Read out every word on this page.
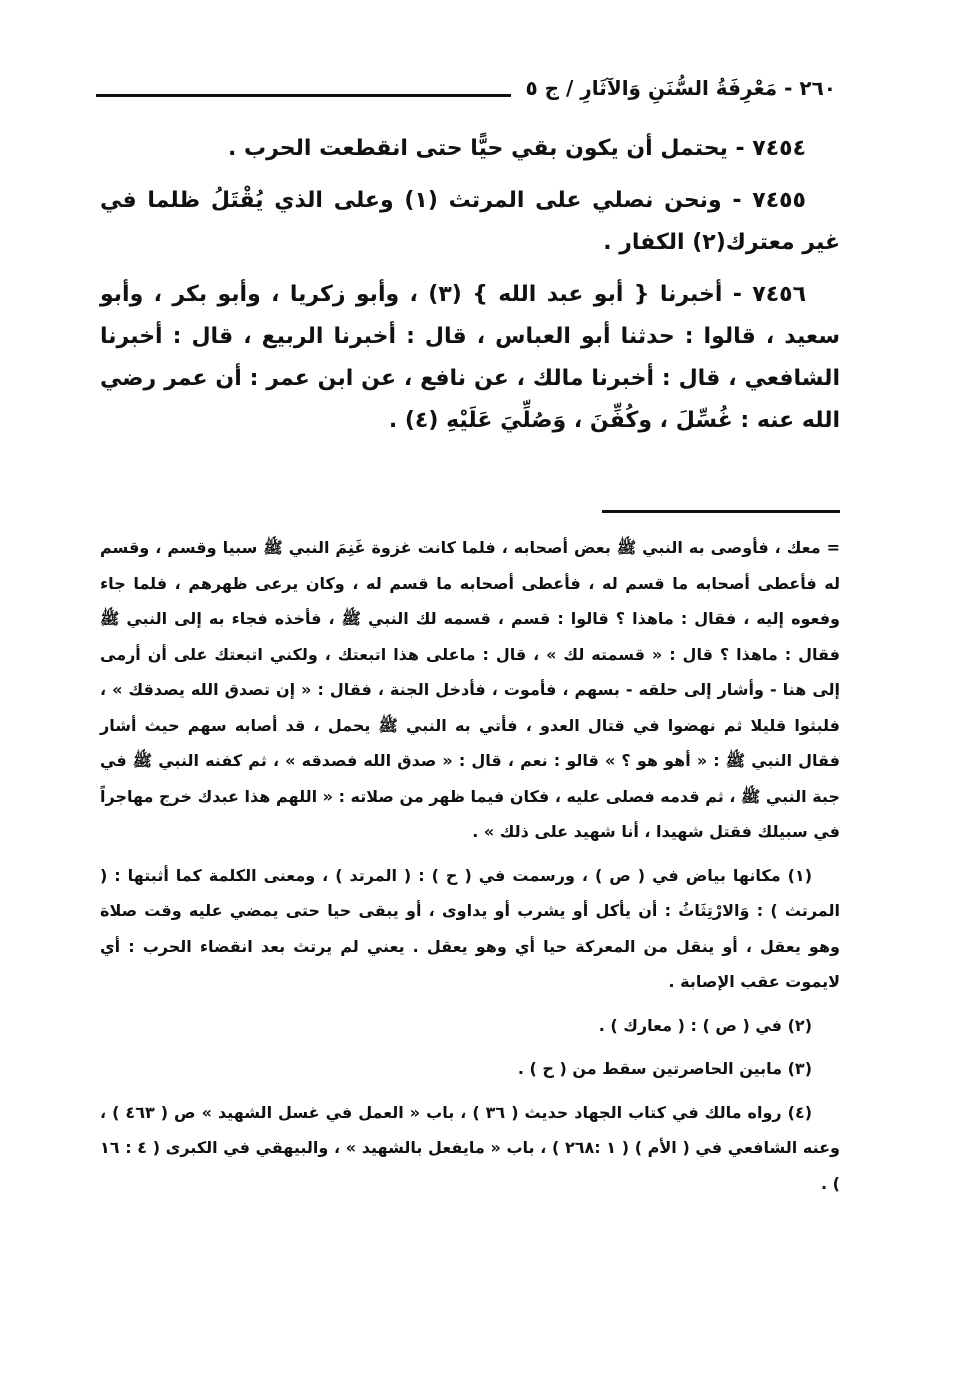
٢٦٠ - مَعْرِفَةُ السُّنَنِ وَالآثَارِ / ج ٥

٧٤٥٤ - يحتمل أن يكون بقي حيًّا حتى انقطعت الحرب .

٧٤٥٥ - ونحن نصلي على المرتث (١) وعلى الذي يُقْتَلُ ظلما في غير معترك(٢) الكفار .

٧٤٥٦ - أخبرنا { أبو عبد الله } (٣) ، وأبو زكريا ، وأبو بكر ، وأبو سعيد ، قالوا : حدثنا أبو العباس ، قال : أخبرنا الربيع ، قال : أخبرنا الشافعي ، قال : أخبرنا مالك ، عن نافع ، عن ابن عمر : أن عمر رضي الله عنه : غُسِّلَ ، وكُفِّنَ ، وَصُلِّيَ عَلَيْهِ (٤) .

= معك ، فأوصى به النبي ﷺ بعض أصحابه ، فلما كانت غزوة غَنِمَ النبي ﷺ سبيا وقسم ، وقسم له فأعطى أصحابه ما قسم له ، فأعطى أصحابه ما قسم له ، وكان يرعى ظهرهم ، فلما جاء وفعوه إليه ، فقال : ماهذا ؟ قالوا : قسم ، قسمه لك النبي ﷺ ، فأخذه فجاء به إلى النبي ﷺ فقال : ماهذا ؟ قال : « قسمته لك » ، قال : ماعلى هذا اتبعتك ، ولكني اتبعتك على أن أرمى إلى هنا - وأشار إلى حلقه - بسهم ، فأموت ، فأدخل الجنة ، فقال : « إن تصدق الله يصدقك » ، فلبثوا قليلا ثم نهضوا في قتال العدو ، فأتي به النبي ﷺ يحمل ، قد أصابه سهم حيث أشار فقال النبي ﷺ : « أهو هو ؟ » قالو : نعم ، قال : « صدق الله فصدقه » ، ثم كفنه النبي ﷺ في جبة النبي ﷺ ، ثم قدمه فصلى عليه ، فكان فيما ظهر من صلاته : « اللهم هذا عبدك خرج مهاجراً في سبيلك فقتل شهيدا ، أنا شهيد على ذلك » .

(١) مكانها بياض في ( ص ) ، ورسمت في ( ح ) : ( المرتد ) ، ومعنى الكلمة كما أثبتها : ( المرتث ) : وَالارْتِثَاثُ : أن يأكل أو يشرب أو يداوى ، أو يبقى حيا حتى يمضي عليه وقت صلاة وهو يعقل ، أو ينقل من المعركة حيا أي وهو يعقل . يعني لم يرتث بعد انقضاء الحرب : أي لايموت عقب الإصابة .

(٢) في ( ص ) : ( معارك ) .

(٣) مابين الحاصرتين سقط من ( ح ) .

(٤) رواه مالك في كتاب الجهاد حديث ( ٣٦ ) ، باب « العمل في غسل الشهيد » ص ( ٤٦٣ ) ، وعنه الشافعي في ( الأم ) ( ١ :٢٦٨ ) ، باب « مايفعل بالشهيد » ، والبيهقي في الكبرى ( ٤ : ١٦ ) .
